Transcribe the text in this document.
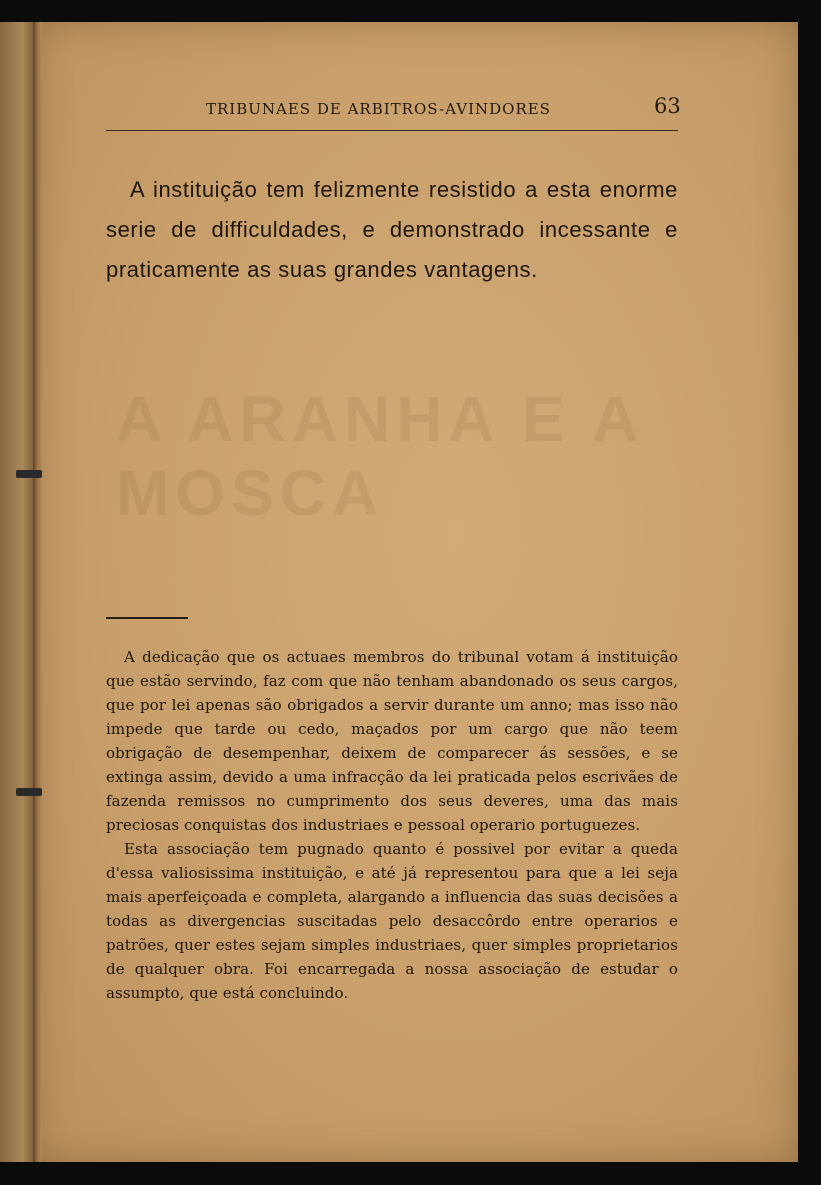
A ARANHA E A MOSCA
TRIBUNAES DE ARBITROS-AVINDORES	63

A instituição tem felizmente resistido a esta enorme serie de difficuldades, e demonstrado incessante e praticamente as suas grandes vantagens.

A dedicação que os actuaes membros do tribunal votam á instituição que estão servindo, faz com que não tenham abandonado os seus cargos, que por lei apenas são obrigados a servir durante um anno; mas isso não impede que tarde ou cedo, maçados por um cargo que não teem obrigação de desempenhar, deixem de comparecer ás sessões, e se extinga assim, devido a uma infracção da lei praticada pelos escrivães de fazenda remissos no cumprimento dos seus deveres, uma das mais preciosas conquistas dos industriaes e pessoal operario portuguezes.

Esta associação tem pugnado quanto é possivel por evitar a queda d'essa valiosissima instituição, e até já representou para que a lei seja mais aperfeiçoada e completa, alargando a influencia das suas decisões a todas as divergencias suscitadas pelo desaccôrdo entre operarios e patrões, quer estes sejam simples industriaes, quer simples proprietarios de qualquer obra. Foi encarregada a nossa associação de estudar o assumpto, que está concluindo.
